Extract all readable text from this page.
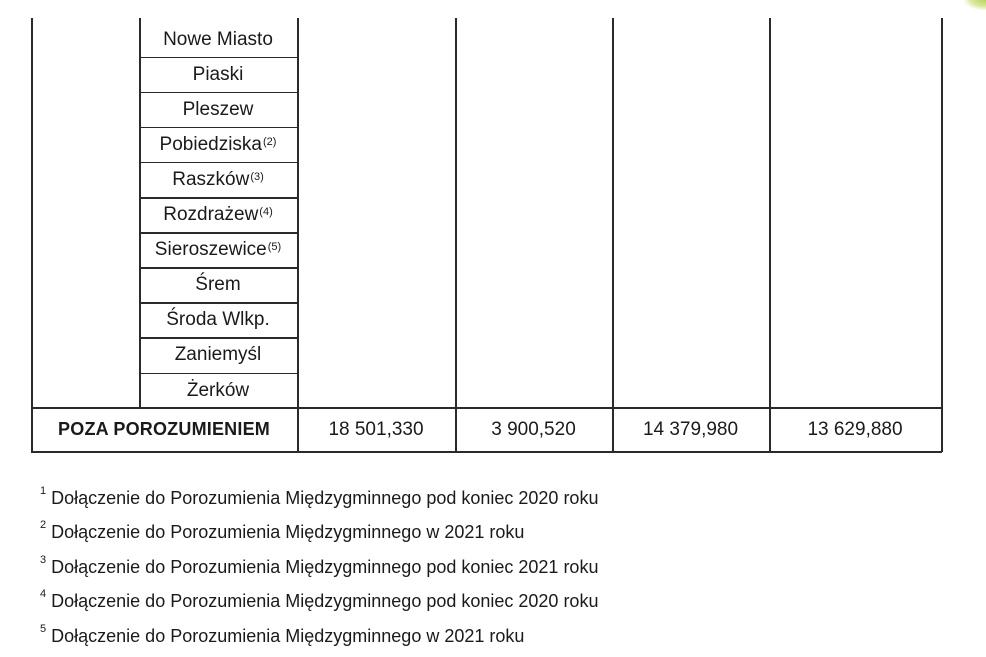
Nowe Miasto
Piaski
Pleszew
Pobiedziska$^{(2)}$
Raszków$^{(3)}$
Rozdrażew$^{(4)}$
Sieroszewice$^{(5)}$
Śrem
Środa Wlkp.
Zaniemyśl
Żerków
POZA POROZUMIENIEM	18 501,330	3 900,520	14 379,980	13 629,880
$^1$ Dołączenie do Porozumienia Międzygminnego pod koniec 2020 roku
$^2$ Dołączenie do Porozumienia Międzygminnego w 2021 roku
$^3$ Dołączenie do Porozumienia Międzygminnego pod koniec 2021 roku
$^4$ Dołączenie do Porozumienia Międzygminnego pod koniec 2020 roku
$^5$ Dołączenie do Porozumienia Międzygminnego w 2021 roku
